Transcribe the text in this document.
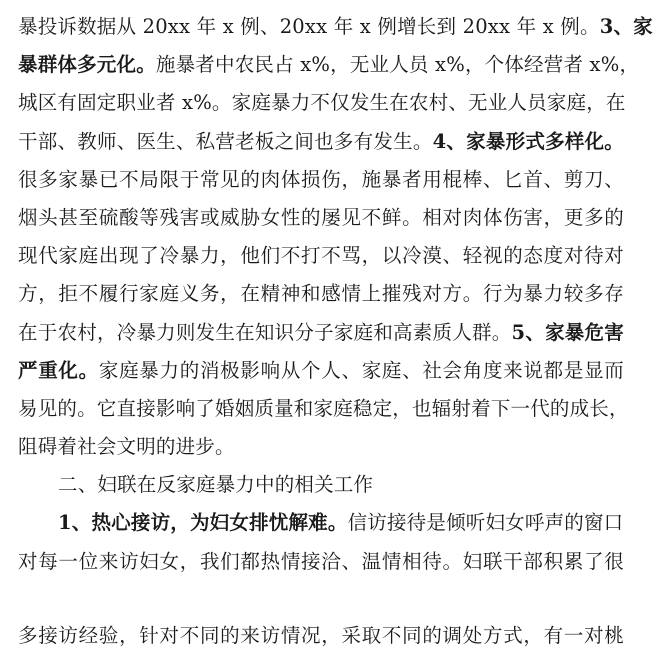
暴投诉数据从 20xx 年 x 例、20xx 年 x 例增长到 20xx 年 x 例。3、家
暴群体多元化。施暴者中农民占 x%，无业人员 x%，个体经营者 x%，
城区有固定职业者 x%。家庭暴力不仅发生在农村、无业人员家庭，在
干部、教师、医生、私营老板之间也多有发生。4、家暴形式多样化。
很多家暴已不局限于常见的肉体损伤，施暴者用棍棒、匕首、剪刀、
烟头甚至硫酸等残害或威胁女性的屡见不鲜。相对肉体伤害，更多的
现代家庭出现了冷暴力，他们不打不骂，以冷漠、轻视的态度对待对
方，拒不履行家庭义务，在精神和感情上摧残对方。行为暴力较多存
在于农村，冷暴力则发生在知识分子家庭和高素质人群。5、家暴危害
严重化。家庭暴力的消极影响从个人、家庭、社会角度来说都是显而
易见的。它直接影响了婚姻质量和家庭稳定，也辐射着下一代的成长，
阻碍着社会文明的进步。
二、妇联在反家庭暴力中的相关工作
1、热心接访，为妇女排忧解难。信访接待是倾听妇女呼声的窗口
对每一位来访妇女，我们都热情接洽、温情相待。妇联干部积累了很
多接访经验，针对不同的来访情况，采取不同的调处方式，有一对桃
